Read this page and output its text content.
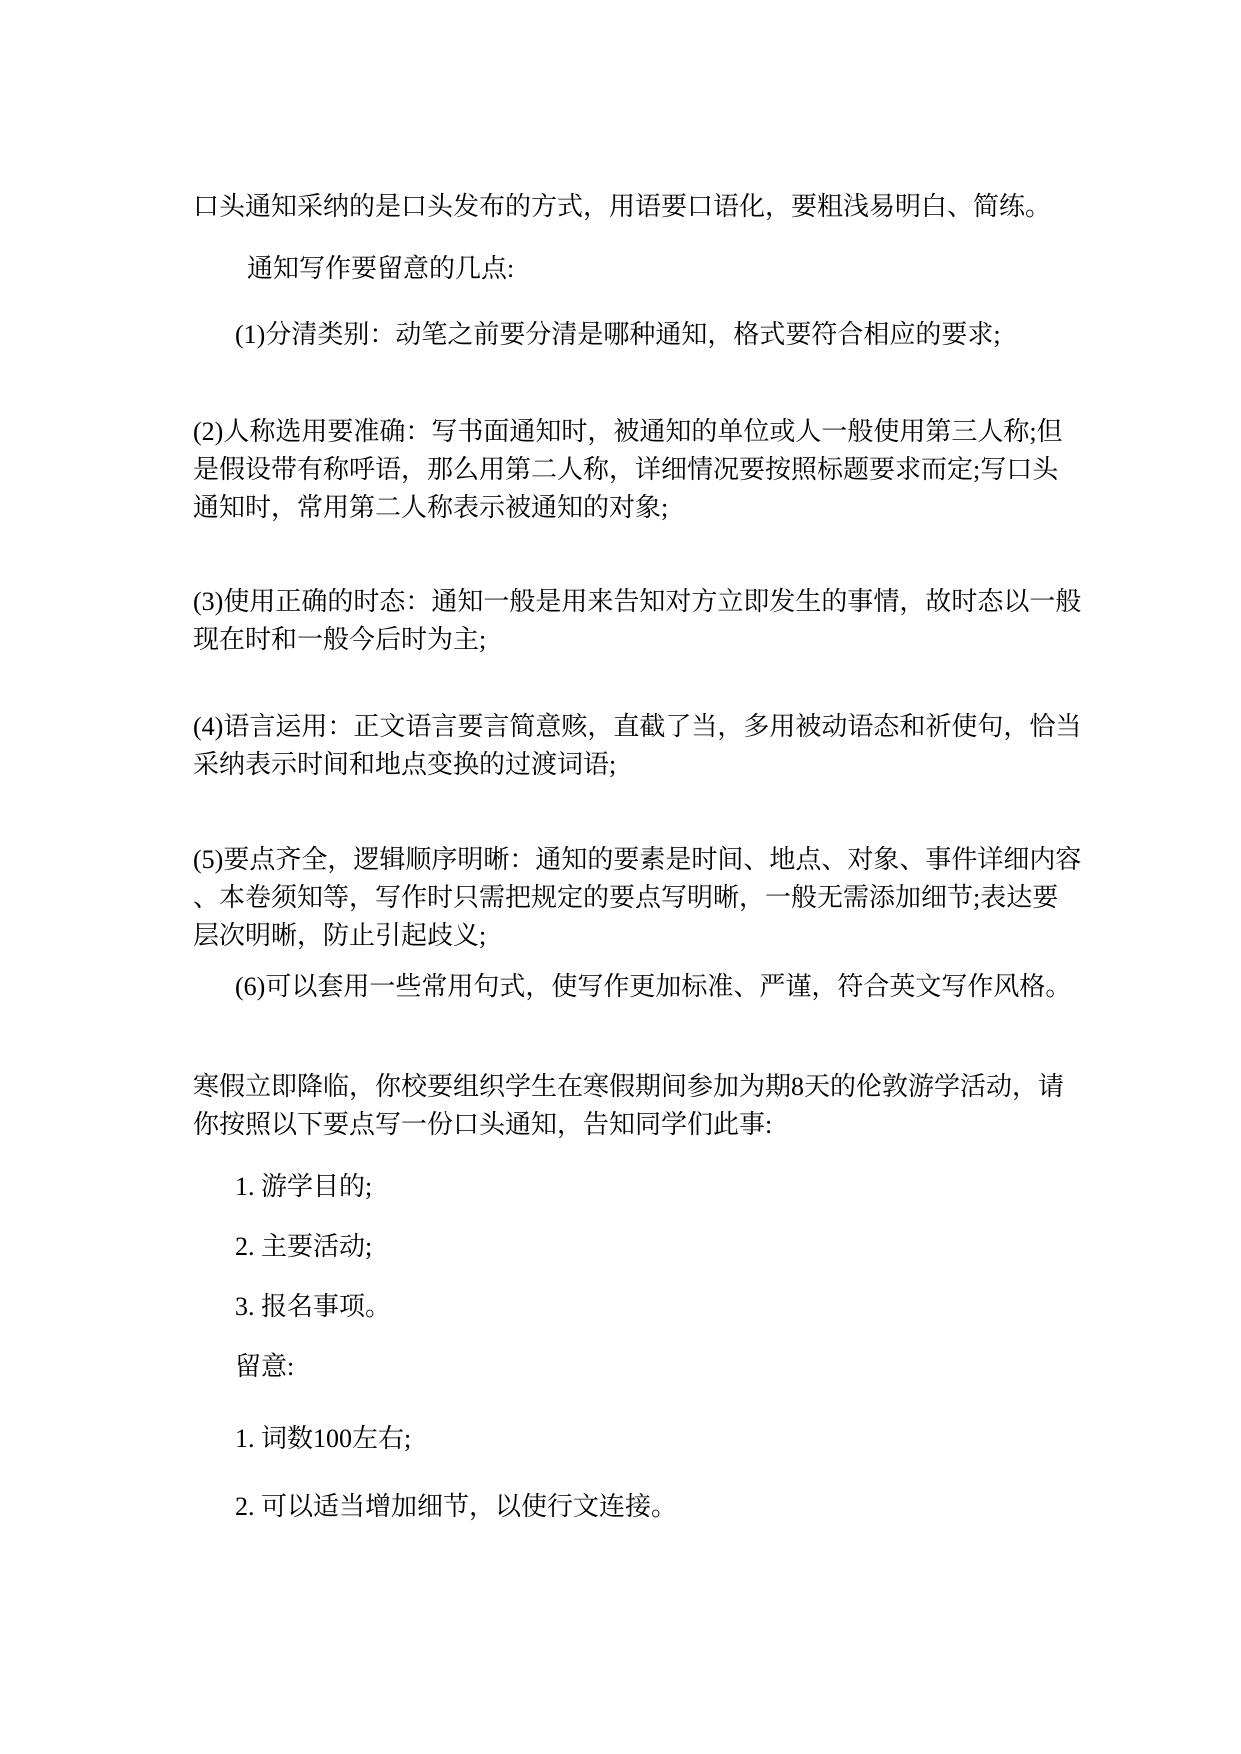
口头通知采纳的是口头发布的方式，用语要口语化，要粗浅易明白、简练。
通知写作要留意的几点:
(1)分清类别：动笔之前要分清是哪种通知，格式要符合相应的要求;
(2)人称选用要准确：写书面通知时，被通知的单位或人一般使用第三人称;但
是假设带有称呼语，那么用第二人称，详细情况要按照标题要求而定;写口头
通知时，常用第二人称表示被通知的对象;
(3)使用正确的时态：通知一般是用来告知对方立即发生的事情，故时态以一般
现在时和一般今后时为主;
(4)语言运用：正文语言要言简意赅，直截了当，多用被动语态和祈使句，恰当
采纳表示时间和地点变换的过渡词语;
(5)要点齐全，逻辑顺序明晰：通知的要素是时间、地点、对象、事件详细内容
、本卷须知等，写作时只需把规定的要点写明晰，一般无需添加细节;表达要
层次明晰，防止引起歧义;
(6)可以套用一些常用句式，使写作更加标准、严谨，符合英文写作风格。
寒假立即降临，你校要组织学生在寒假期间参加为期8天的伦敦游学活动，请
你按照以下要点写一份口头通知，告知同学们此事:
1. 游学目的;
2. 主要活动;
3. 报名事项。
留意:
1. 词数100左右;
2. 可以适当增加细节，以使行文连接。
